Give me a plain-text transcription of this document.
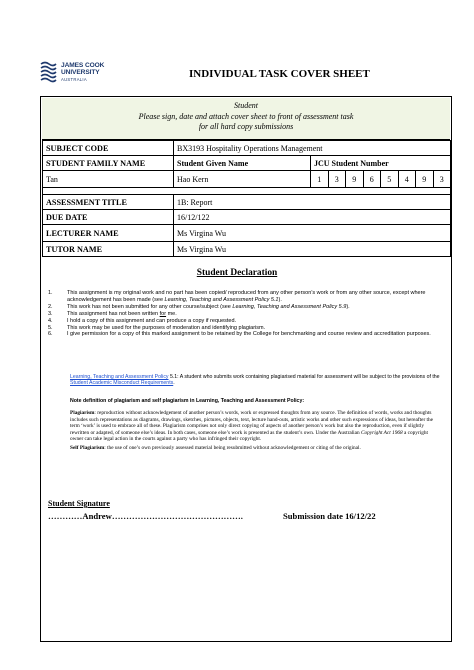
JAMES COOK
UNIVERSITY
AUSTRALIA	INDIVIDUAL TASK COVER SHEET
Student
Please sign, date and attach cover sheet to front of assessment task
for all hard copy submissions
SUBJECT CODE	BX3193 Hospitality Operations Management								
STUDENT FAMILY NAME	Student Given Name	JCU Student Number							
Tan	Hao Kern	1	3	9	6	5	4	9	3

ASSESSMENT TITLE	1B: Report								
DUE DATE	16/12/122								
LECTURER NAME	Ms Virgina Wu								
TUTOR NAME	Ms Virgina Wu								
Student Declaration
1.	This assignment is my original work and no part has been copied/ reproduced from any other person’s work or from any other source, except where acknowledgement has been made (see Learning, Teaching and Assessment Policy 5.1).
2.	This work has not been submitted for any other course/subject (see Learning, Teaching and Assessment Policy 5.9).
3.	This assignment has not been written for me.
4.	I hold a copy of this assignment and can produce a copy if requested.
5.	This work may be used for the purposes of moderation and identifying plagiarism.
6.	I give permission for a copy of this marked assignment to be retained by the College for benchmarking and course review and accreditation purposes.
Learning, Teaching and Assessment Policy 5.1: A student who submits work containing plagiarised material for assessment will be subject to the provisions of the Student Academic Misconduct Requirements.
Note definition of plagiarism and self plagiarism in Learning, Teaching and Assessment Policy:

Plagiarism: reproduction without acknowledgement of another person’s words, work or expressed thoughts from any source. The definition of words, works and thoughts includes such representations as diagrams, drawings, sketches, pictures, objects, text, lecture hand-outs, artistic works and other such expressions of ideas, but hereafter the term ‘work’ is used to embrace all of these. Plagiarism comprises not only direct copying of aspects of another person’s work but also the reproduction, even if slightly rewritten or adapted, of someone else’s ideas. In both cases, someone else’s work is presented as the student’s own. Under the Australian Copyright Act 1968 a copyright owner can take legal action in the courts against a party who has infringed their copyright.

Self Plagiarism: the use of one’s own previously assessed material being resubmitted without acknowledgement or citing of the original.

Student Signature
…………Andrew……………………………………….	Submission date 16/12/22
